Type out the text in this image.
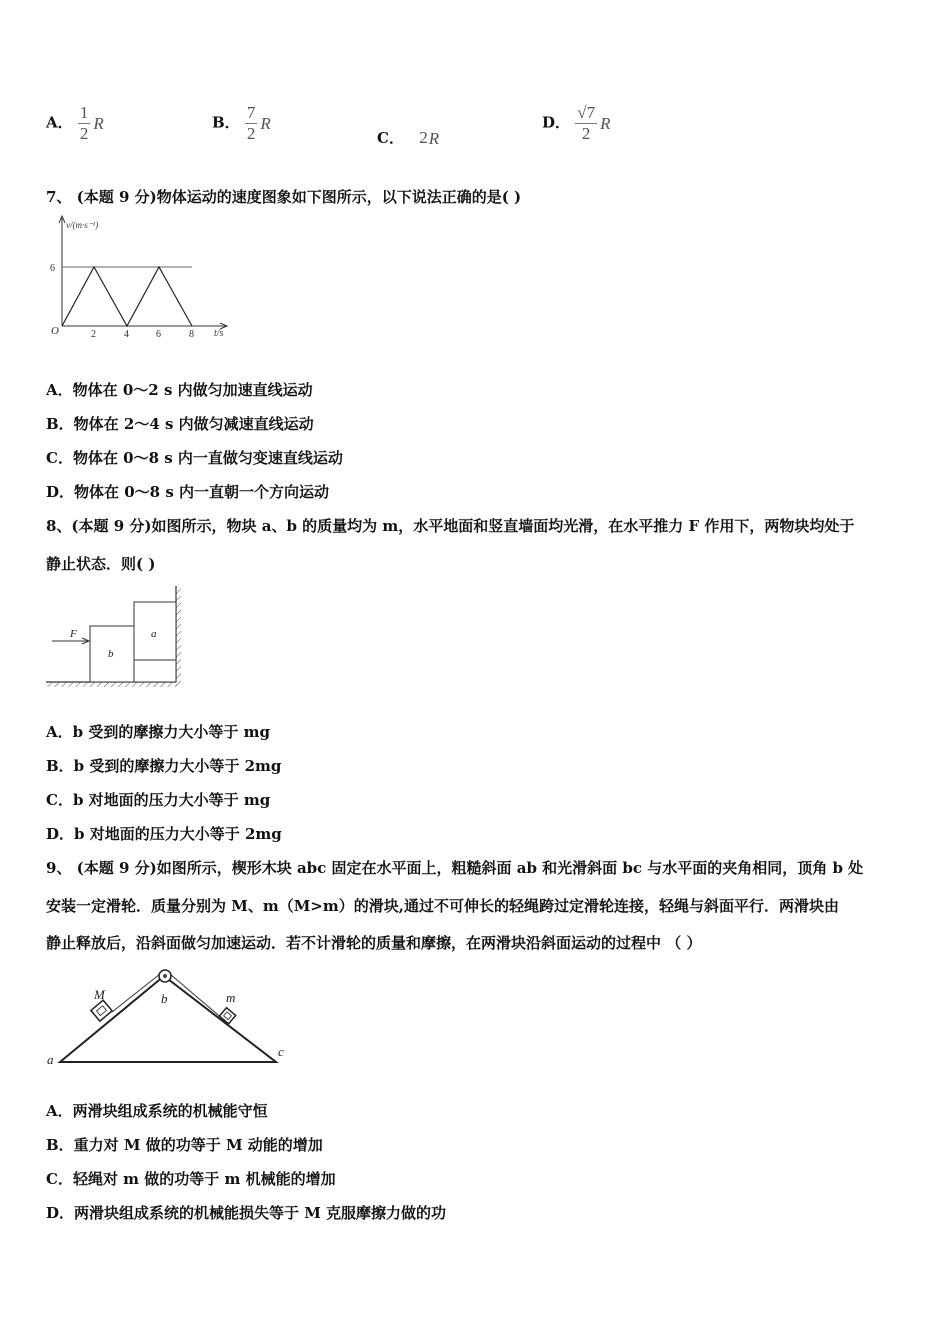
A． $\frac{1}{2}$ R	B． $\frac{7}{2}$ R
C． 2R
D． $\frac{√7}{2}$ R
7、 (本题 9 分)物体运动的速度图象如下图所示，以下说法正确的是( )
v/(m·s⁻¹)
6
O	2	4	6	8 t/s
A．物体在 0～2 s 内做匀加速直线运动
B．物体在 2～4 s 内做匀减速直线运动
C．物体在 0～8 s 内一直做匀变速直线运动
D．物体在 0～8 s 内一直朝一个方向运动
8、(本题 9 分)如图所示，物块 a、b 的质量均为 m，水平地面和竖直墙面均光滑，在水平推力 F 作用下，两物块均处于
静止状态．则( )
F
b
a
A．b 受到的摩擦力大小等于 mg
B．b 受到的摩擦力大小等于 2mg
C．b 对地面的压力大小等于 mg
D．b 对地面的压力大小等于 2mg
9、 (本题 9 分)如图所示，楔形木块 abc 固定在水平面上，粗糙斜面 ab 和光滑斜面 bc 与水平面的夹角相同，顶角 b 处
安装一定滑轮．质量分别为 M、m（M>m）的滑块,通过不可伸长的轻绳跨过定滑轮连接，轻绳与斜面平行．两滑块由
静止释放后，沿斜面做匀加速运动．若不计滑轮的质量和摩擦，在两滑块沿斜面运动的过程中 （ ）
M	m
b
a
c
A．两滑块组成系统的机械能守恒
B．重力对 M 做的功等于 M 动能的增加
C．轻绳对 m 做的功等于 m 机械能的增加
D．两滑块组成系统的机械能损失等于 M 克服摩擦力做的功
